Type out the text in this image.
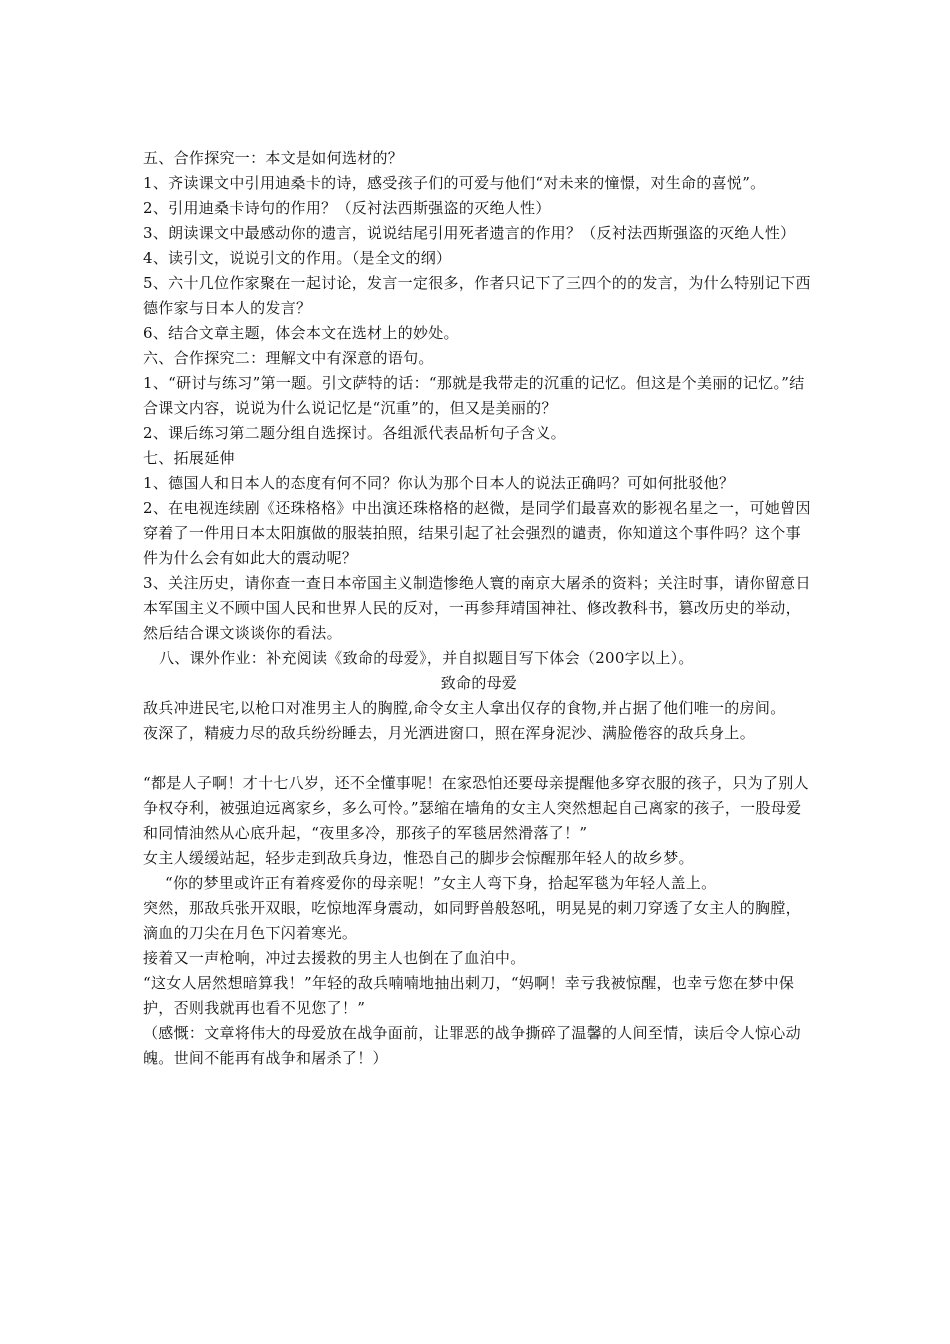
五、合作探究一：本文是如何选材的？

1、齐读课文中引用迪桑卡的诗，感受孩子们的可爱与他们“对未来的憧憬，对生命的喜悦”。

2、引用迪桑卡诗句的作用？（反衬法西斯强盗的灭绝人性）

3、朗读课文中最感动你的遗言，说说结尾引用死者遗言的作用？（反衬法西斯强盗的灭绝人性）

4、读引文，说说引文的作用。（是全文的纲）

5、六十几位作家聚在一起讨论，发言一定很多，作者只记下了三四个的的发言，为什么特别记下西德作家与日本人的发言？

6、结合文章主题，体会本文在选材上的妙处。

六、合作探究二：理解文中有深意的语句。

1、“研讨与练习”第一题。引文萨特的话：“那就是我带走的沉重的记忆。但这是个美丽的记忆。”结合课文内容，说说为什么说记忆是“沉重”的，但又是美丽的？

2、课后练习第二题分组自选探讨。各组派代表品析句子含义。

七、拓展延伸

1、德国人和日本人的态度有何不同？你认为那个日本人的说法正确吗？可如何批驳他？

2、在电视连续剧《还珠格格》中出演还珠格格的赵微，是同学们最喜欢的影视名星之一，可她曾因穿着了一件用日本太阳旗做的服装拍照，结果引起了社会强烈的谴责，你知道这个事件吗？这个事件为什么会有如此大的震动呢？

3、关注历史，请你查一查日本帝国主义制造惨绝人寰的南京大屠杀的资料；关注时事，请你留意日本军国主义不顾中国人民和世界人民的反对，一再参拜靖国神社、修改教科书，篡改历史的举动，然后结合课文谈谈你的看法。

八、课外作业：补充阅读《致命的母爱》，并自拟题目写下体会（200字以上）。

致命的母爱

敌兵冲进民宅,以枪口对准男主人的胸膛,命令女主人拿出仅存的食物,并占据了他们唯一的房间。

夜深了，精疲力尽的敌兵纷纷睡去，月光洒进窗口，照在浑身泥沙、满脸倦容的敌兵身上。

“都是人子啊！才十七八岁，还不全懂事呢！在家恐怕还要母亲提醒他多穿衣服的孩子，只为了别人争权夺利，被强迫远离家乡，多么可怜。”瑟缩在墙角的女主人突然想起自己离家的孩子，一股母爱和同情油然从心底升起，“夜里多冷，那孩子的军毯居然滑落了！”

女主人缓缓站起，轻步走到敌兵身边，惟恐自己的脚步会惊醒那年轻人的故乡梦。

“你的梦里或许正有着疼爱你的母亲呢！”女主人弯下身，拾起军毯为年轻人盖上。

突然，那敌兵张开双眼，吃惊地浑身震动，如同野兽般怒吼，明晃晃的刺刀穿透了女主人的胸膛，滴血的刀尖在月色下闪着寒光。

接着又一声枪响，冲过去援救的男主人也倒在了血泊中。

“这女人居然想暗算我！”年轻的敌兵喃喃地抽出刺刀，“妈啊！幸亏我被惊醒，也幸亏您在梦中保护，否则我就再也看不见您了！”

（感慨：文章将伟大的母爱放在战争面前，让罪恶的战争撕碎了温馨的人间至情，读后令人惊心动魄。世间不能再有战争和屠杀了！）
